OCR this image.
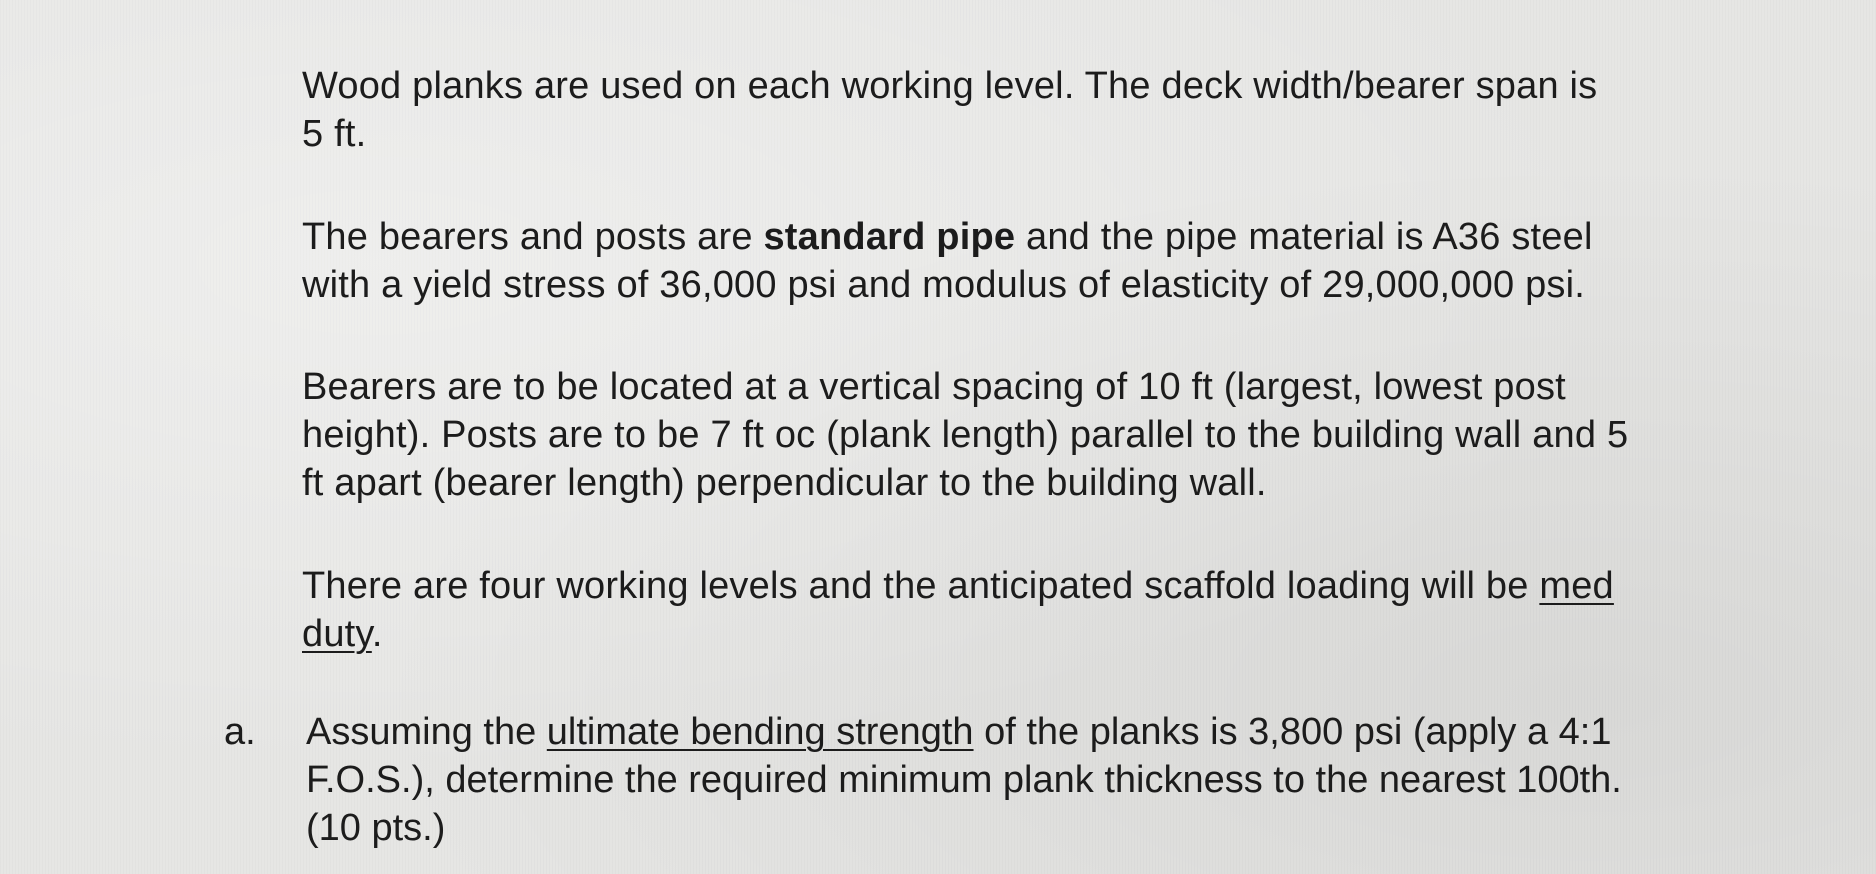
Wood planks are used on each working level. The deck width/bearer span is
5 ft.
The bearers and posts are standard pipe and the pipe material is A36 steel
with a yield stress of 36,000 psi and modulus of elasticity of 29,000,000 psi.
Bearers are to be located at a vertical spacing of 10 ft (largest, lowest post
height). Posts are to be 7 ft oc (plank length) parallel to the building wall and 5
ft apart (bearer length) perpendicular to the building wall.
There are four working levels and the anticipated scaffold loading will be med
duty.
a. Assuming the ultimate bending strength of the planks is 3,800 psi (apply a 4:1
F.O.S.), determine the required minimum plank thickness to the nearest 100th.
(10 pts.)
